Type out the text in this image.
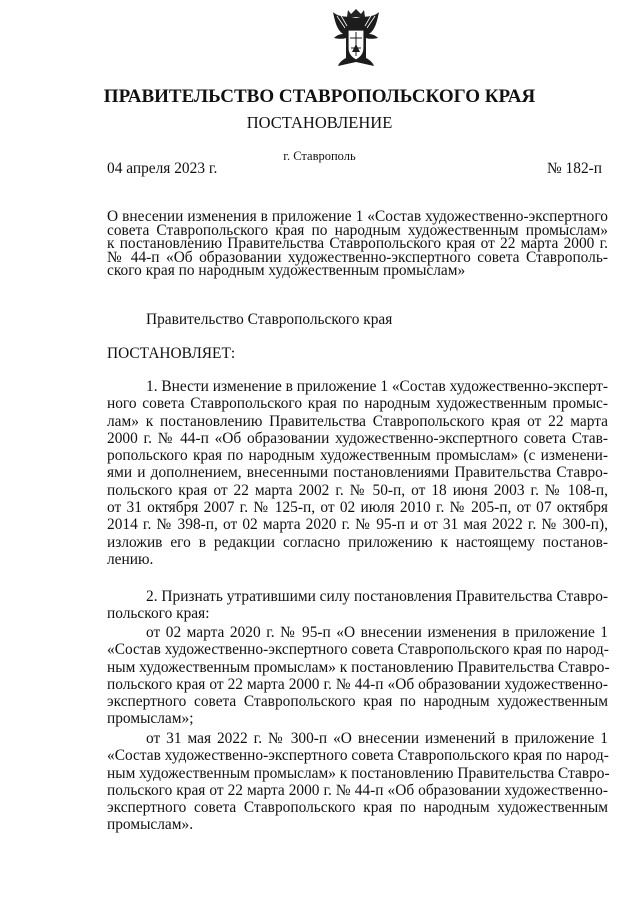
ПРАВИТЕЛЬСТВО СТАВРОПОЛЬСКОГО КРАЯ
ПОСТАНОВЛЕНИЕ
г. Ставрополь
04 апреля 2023 г.	№ 182-п
О внесении изменения в приложение 1 «Состав художественно-экспертного
совета Ставропольского края по народным художественным промыслам»
к постановлению Правительства Ставропольского края от 22 марта 2000 г.
№ 44-п «Об образовании художественно-экспертного совета Ставрополь-
ского края по народным художественным промыслам»
Правительство Ставропольского края
ПОСТАНОВЛЯЕТ:
1. Внести изменение в приложение 1 «Состав художественно-эксперт-
ного совета Ставропольского края по народным художественным промыс-
лам» к постановлению Правительства Ставропольского края от 22 марта
2000 г. № 44-п «Об образовании художественно-экспертного совета Став-
ропольского края по народным художественным промыслам» (с изменени-
ями и дополнением, внесенными постановлениями Правительства Ставро-
польского края от 22 марта 2002 г. № 50-п, от 18 июня 2003 г. № 108-п,
от 31 октября 2007 г. № 125-п, от 02 июля 2010 г. № 205-п, от 07 октября
2014 г. № 398-п, от 02 марта 2020 г. № 95-п и от 31 мая 2022 г. № 300-п),
изложив его в редакции согласно приложению к настоящему постанов-
лению.
2. Признать утратившими силу постановления Правительства Ставро-
польского края:
от 02 марта 2020 г. № 95-п «О внесении изменения в приложение 1
«Состав художественно-экспертного совета Ставропольского края по народ-
ным художественным промыслам» к постановлению Правительства Ставро-
польского края от 22 марта 2000 г. № 44-п «Об образовании художественно-
экспертного совета Ставропольского края по народным художественным
промыслам»;
от 31 мая 2022 г. № 300-п «О внесении изменений в приложение 1
«Состав художественно-экспертного совета Ставропольского края по народ-
ным художественным промыслам» к постановлению Правительства Ставро-
польского края от 22 марта 2000 г. № 44-п «Об образовании художественно-
экспертного совета Ставропольского края по народным художественным
промыслам».
